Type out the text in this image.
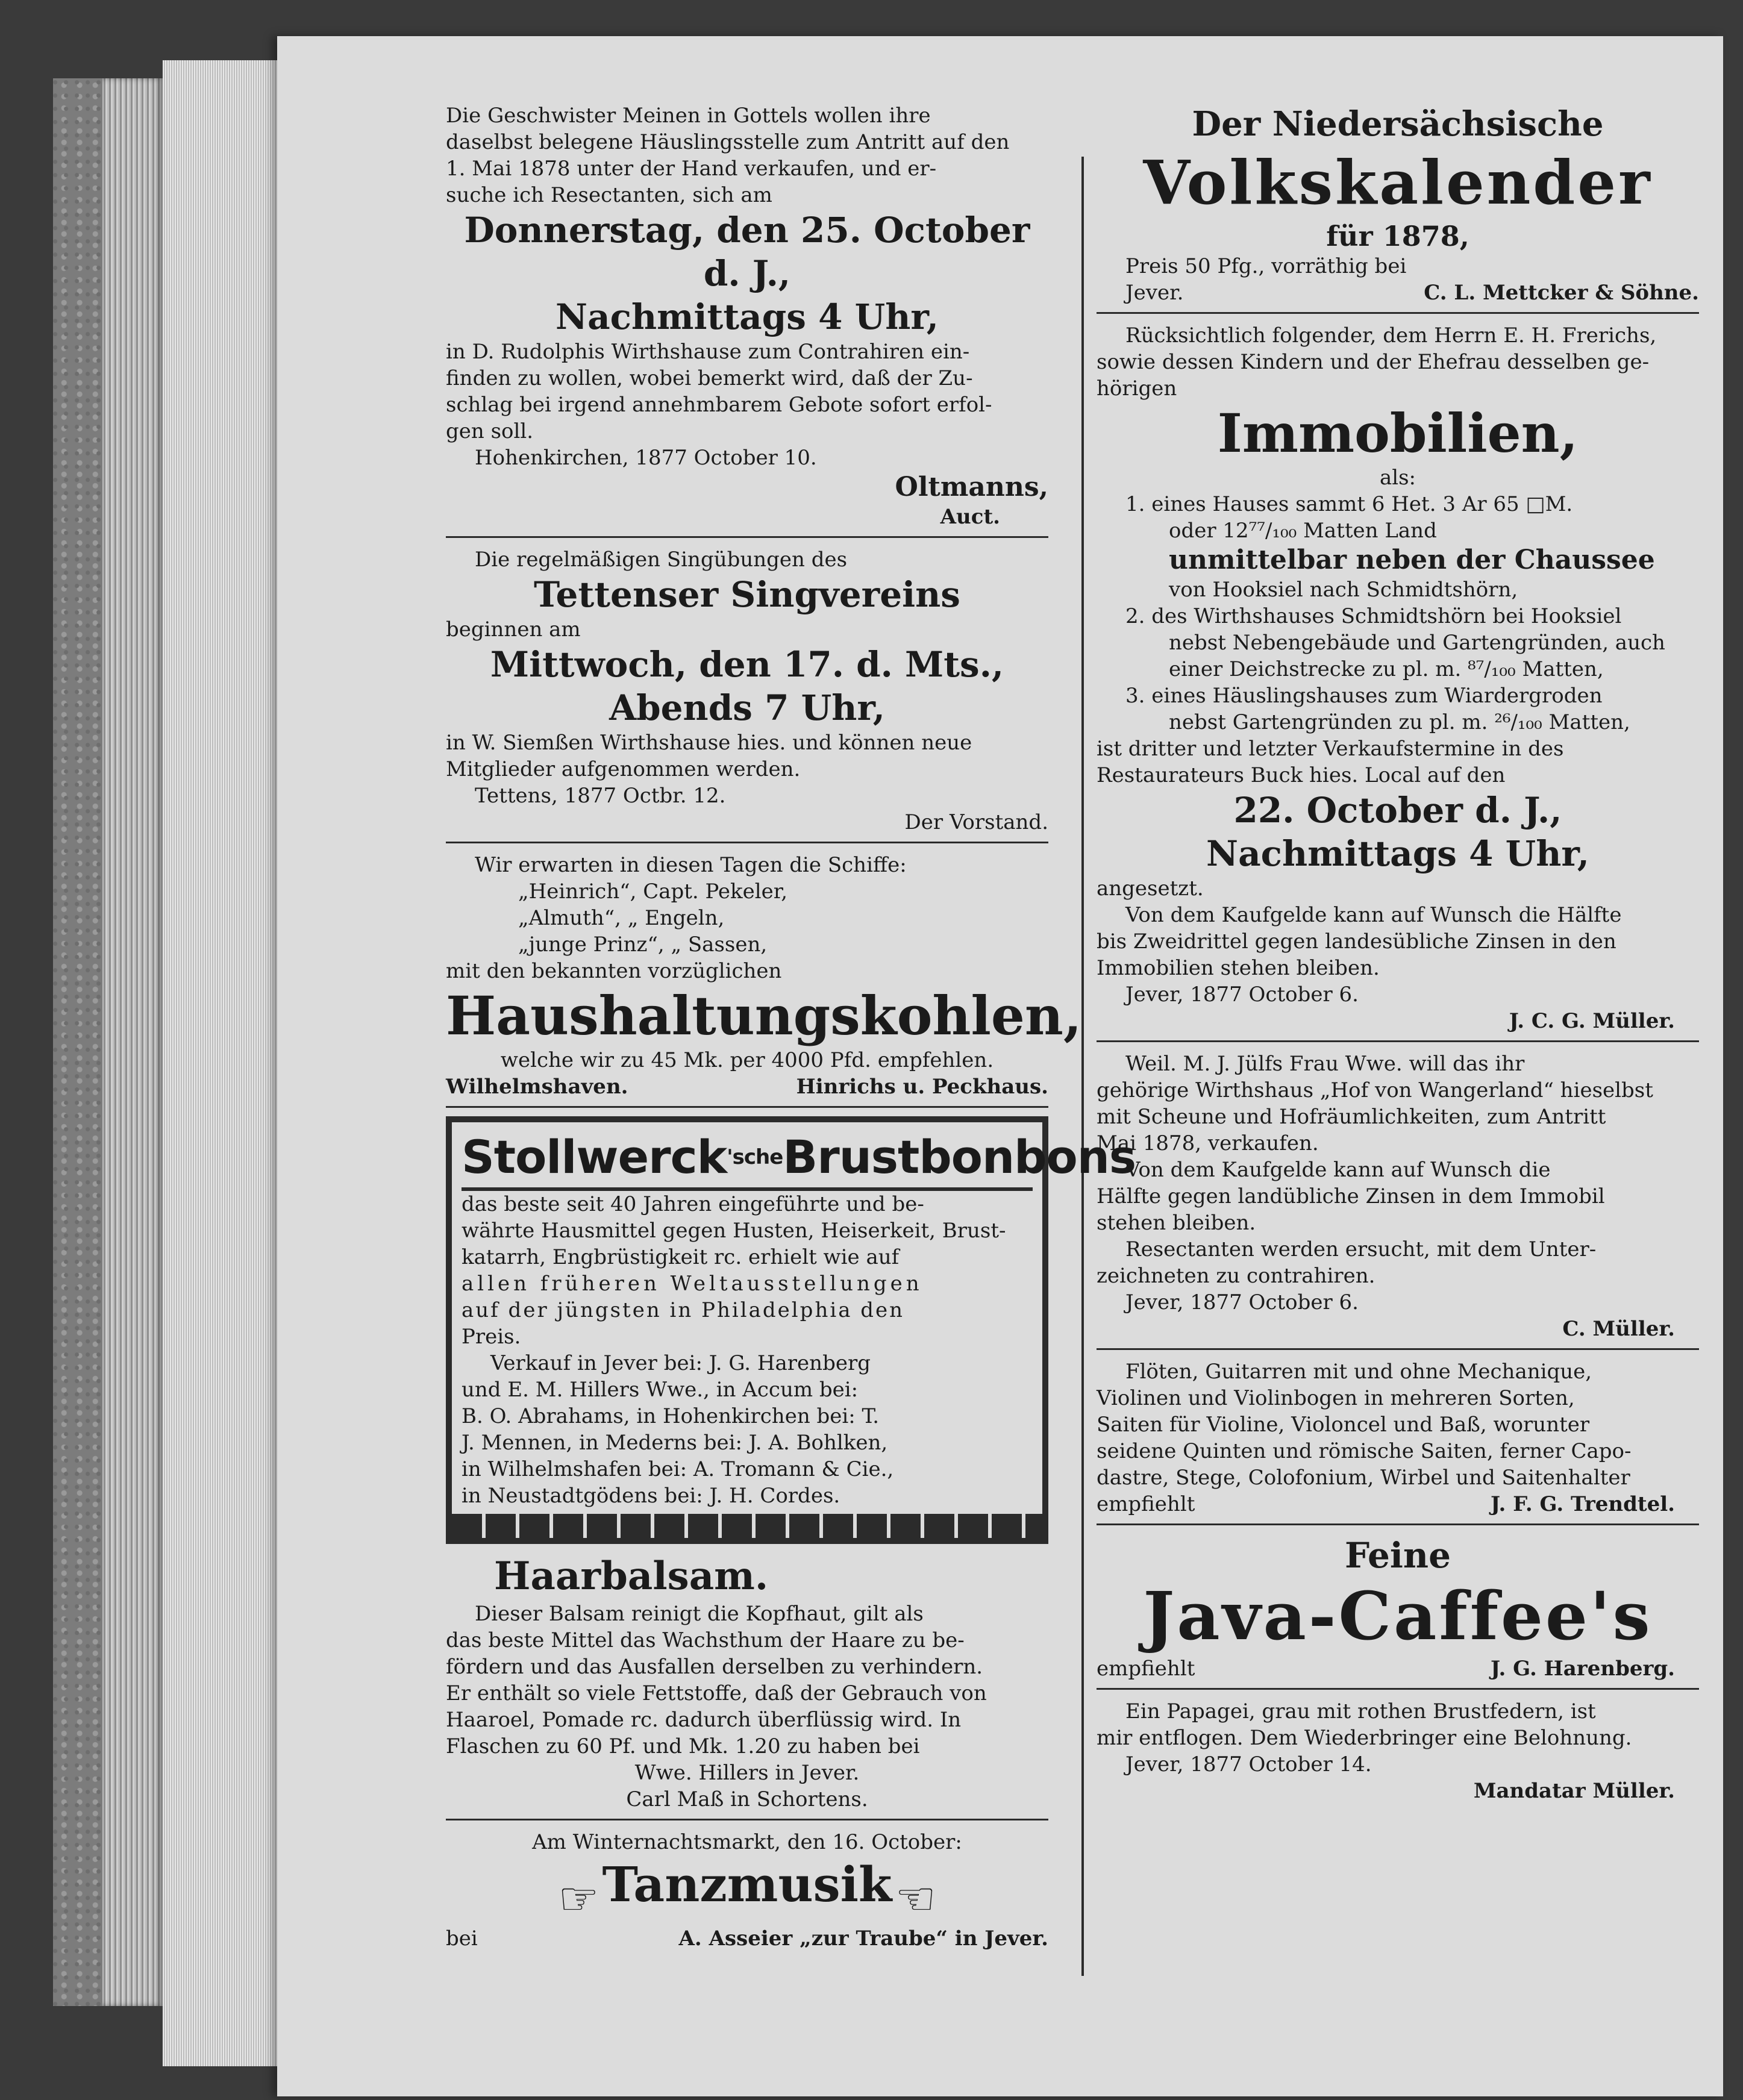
Die Geschwister Meinen in Gottels wollen ihre
daselbst belegene Häuslingsstelle zum Antritt auf den
1. Mai 1878 unter der Hand verkaufen, und er-
suche ich Resectanten, sich am
Donnerstag, den 25. October d. J.,
Nachmittags 4 Uhr,
in D. Rudolphis Wirthshause zum Contrahiren ein-
finden zu wollen, wobei bemerkt wird, daß der Zu-
schlag bei irgend annehmbarem Gebote sofort erfol-
gen soll.
Hohenkirchen, 1877 October 10.
Oltmanns,
Auct.
Die regelmäßigen Singübungen des
Tettenser Singvereins
beginnen am
Mittwoch, den 17. d. Mts.,
Abends 7 Uhr,
in W. Siemßen Wirthshause hies. und können neue
Mitglieder aufgenommen werden.
Tettens, 1877 Octbr. 12.
Der Vorstand.
Wir erwarten in diesen Tagen die Schiffe:
„Heinrich“, Capt. Pekeler,
„Almuth“, „ Engeln,
„junge Prinz“, „ Sassen,
mit den bekannten vorzüglichen
Haushaltungskohlen,
welche wir zu 45 Mk. per 4000 Pfd. empfehlen.
Wilhelmshaven.	Hinrichs u. Peckhaus.
Stollwerck$^{'sche}$Brustbonbons
das beste seit 40 Jahren eingeführte und be-
währte Hausmittel gegen Husten, Heiserkeit, Brust-
katarrh, Engbrüstigkeit rc. erhielt wie auf
allen früheren Weltausstellungen
auf der jüngsten in Philadelphia den
Preis.
Verkauf in Jever bei: J. G. Harenberg
und E. M. Hillers Wwe., in Accum bei:
B. O. Abrahams, in Hohenkirchen bei: T.
J. Mennen, in Mederns bei: J. A. Bohlken,
in Wilhelmshafen bei: A. Tromann & Cie.,
in Neustadtgödens bei: J. H. Cordes.
Haarbalsam.
Dieser Balsam reinigt die Kopfhaut, gilt als
das beste Mittel das Wachsthum der Haare zu be-
fördern und das Ausfallen derselben zu verhindern.
Er enthält so viele Fettstoffe, daß der Gebrauch von
Haaroel, Pomade rc. dadurch überflüssig wird. In
Flaschen zu 60 Pf. und Mk. 1.20 zu haben bei
Wwe. Hillers in Jever.
Carl Maß in Schortens.
Am Winternachtsmarkt, den 16. October:
☞ Tanzmusik ☜
bei	A. Asseier „zur Traube“ in Jever.
Der Niedersächsische
Volkskalender
für 1878,
Preis 50 Pfg., vorräthig bei
Jever.	C. L. Mettcker & Söhne.
Rücksichtlich folgender, dem Herrn E. H. Frerichs,
sowie dessen Kindern und der Ehefrau desselben ge-
hörigen
Immobilien,
als:
1. eines Hauses sammt 6 Het. 3 Ar 65 □M.
oder 12⁷⁷/₁₀₀ Matten Land
unmittelbar neben der Chaussee
von Hooksiel nach Schmidtshörn,
2. des Wirthshauses Schmidtshörn bei Hooksiel
nebst Nebengebäude und Gartengründen, auch
einer Deichstrecke zu pl. m. ⁸⁷/₁₀₀ Matten,
3. eines Häuslingshauses zum Wiardergroden
nebst Gartengründen zu pl. m. ²⁶/₁₀₀ Matten,
ist dritter und letzter Verkaufstermine in des
Restaurateurs Buck hies. Local auf den
22. October d. J.,
Nachmittags 4 Uhr,
angesetzt.
Von dem Kaufgelde kann auf Wunsch die Hälfte
bis Zweidrittel gegen landesübliche Zinsen in den
Immobilien stehen bleiben.
Jever, 1877 October 6.
J. C. G. Müller.
Weil. M. J. Jülfs Frau Wwe. will das ihr
gehörige Wirthshaus „Hof von Wangerland“ hieselbst
mit Scheune und Hofräumlichkeiten, zum Antritt
Mai 1878, verkaufen.
Von dem Kaufgelde kann auf Wunsch die
Hälfte gegen landübliche Zinsen in dem Immobil
stehen bleiben.
Resectanten werden ersucht, mit dem Unter-
zeichneten zu contrahiren.
Jever, 1877 October 6.
C. Müller.
Flöten, Guitarren mit und ohne Mechanique,
Violinen und Violinbogen in mehreren Sorten,
Saiten für Violine, Violoncel und Baß, worunter
seidene Quinten und römische Saiten, ferner Capo-
dastre, Stege, Colofonium, Wirbel und Saitenhalter
empfiehlt	J. F. G. Trendtel.
Feine
Java-Caffee's
empfiehlt	J. G. Harenberg.
Ein Papagei, grau mit rothen Brustfedern, ist
mir entflogen. Dem Wiederbringer eine Belohnung.
Jever, 1877 October 14.
Mandatar Müller.
